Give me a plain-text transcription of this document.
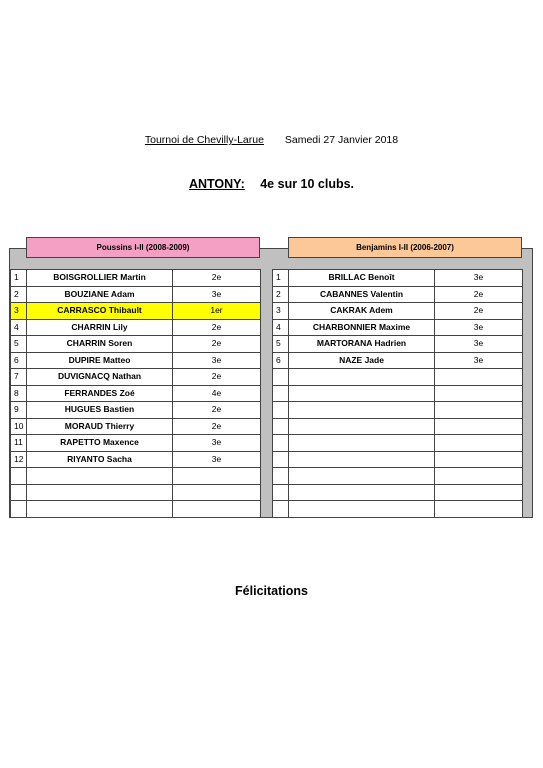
Tournoi de Chevilly-Larue Samedi 27 Janvier 2018
ANTONY: 4e sur 10 clubs.
Poussins I-II (2008-2009)	Benjamins I-II (2006-2007)
1	BOISGROLLIER Martin	2e
2	BOUZIANE Adam	3e
3	CARRASCO Thibault	1er
4	CHARRIN Lily	2e
5	CHARRIN Soren	2e
6	DUPIRE Matteo	3e
7	DUVIGNACQ Nathan	2e
8	FERRANDES Zoé	4e
9	HUGUES Bastien	2e
10	MORAUD Thierry	2e
11	RAPETTO Maxence	3e
12	RIYANTO Sacha	3e

1	BRILLAC Benoît	3e
2	CABANNES Valentin	2e
3	CAKRAK Adem	2e
4	CHARBONNIER Maxime	3e
5	MARTORANA Hadrien	3e
6	NAZE Jade	3e

Félicitations
